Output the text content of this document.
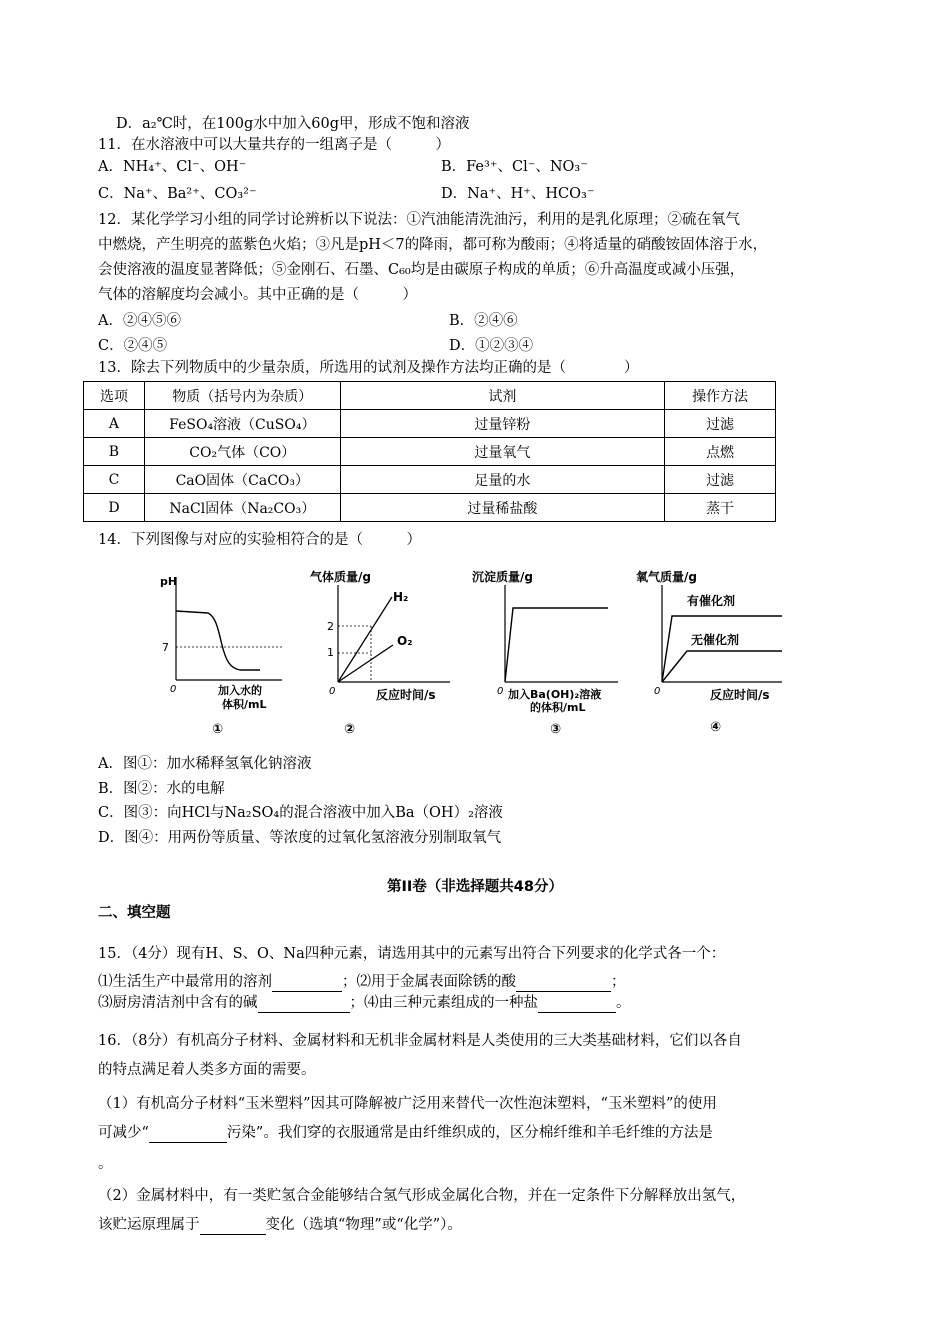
D．a₂℃时，在100g水中加入60g甲，形成不饱和溶液
11．在水溶液中可以大量共存的一组离子是（　　　）
A．NH₄⁺、Cl⁻、OH⁻	B．Fe³⁺、Cl⁻、NO₃⁻
C．Na⁺、Ba²⁺、CO₃²⁻	D．Na⁺、H⁺、HCO₃⁻
12．某化学学习小组的同学讨论辨析以下说法：①汽油能清洗油污，利用的是乳化原理；②硫在氧气
中燃烧，产生明亮的蓝紫色火焰；③凡是pH＜7的降雨，都可称为酸雨；④将适量的硝酸铵固体溶于水，
会使溶液的温度显著降低；⑤金刚石、石墨、C₆₀均是由碳原子构成的单质；⑥升高温度或减小压强，
气体的溶解度均会减小。其中正确的是（　　　）
A．②④⑤⑥	B．②④⑥
C．②④⑤	D．①②③④
13．除去下列物质中的少量杂质，所选用的试剂及操作方法均正确的是（　　　　）
选项	物质（括号内为杂质）	试剂	操作方法
A	FeSO₄溶液（CuSO₄）	过量锌粉	过滤
B	CO₂气体（CO）	过量氧气	点燃
C	CaO固体（CaCO₃）	足量的水	过滤
D	NaCl固体（Na₂CO₃）	过量稀盐酸	蒸干
14．下列图像与对应的实验相符合的是（　　　）
pH
7
0	加入水的
体积/mL
①
气体质量/g
2
1
H₂
O₂
0	反应时间/s
②
沉淀质量/g
0 加入Ba(OH)₂溶液
的体积/mL
③
氧气质量/g
有催化剂
无催化剂
0	反应时间/s
④
A．图①：加水稀释氢氧化钠溶液
B．图②：水的电解
C．图③：向HCl与Na₂SO₄的混合溶液中加入Ba（OH）₂溶液
D．图④：用两份等质量、等浓度的过氧化氢溶液分别制取氧气
第II卷（非选择题共48分）
二、填空题
15．（4分）现有H、S、O、Na四种元素，请选用其中的元素写出符合下列要求的化学式各一个：
⑴生活生产中最常用的溶剂	；⑵用于金属表面除锈的酸	；
⑶厨房清洁剂中含有的碱	；⑷由三种元素组成的一种盐	。
16．（8分）有机高分子材料、金属材料和无机非金属材料是人类使用的三大类基础材料，它们以各自
的特点满足着人类多方面的需要。
（1）有机高分子材料“玉米塑料”因其可降解被广泛用来替代一次性泡沫塑料，“玉米塑料”的使用
可减少“	污染”。我们穿的衣服通常是由纤维织成的，区分棉纤维和羊毛纤维的方法是
。
（2）金属材料中，有一类贮氢合金能够结合氢气形成金属化合物，并在一定条件下分解释放出氢气，
该贮运原理属于	变化（选填“物理”或“化学”）。
